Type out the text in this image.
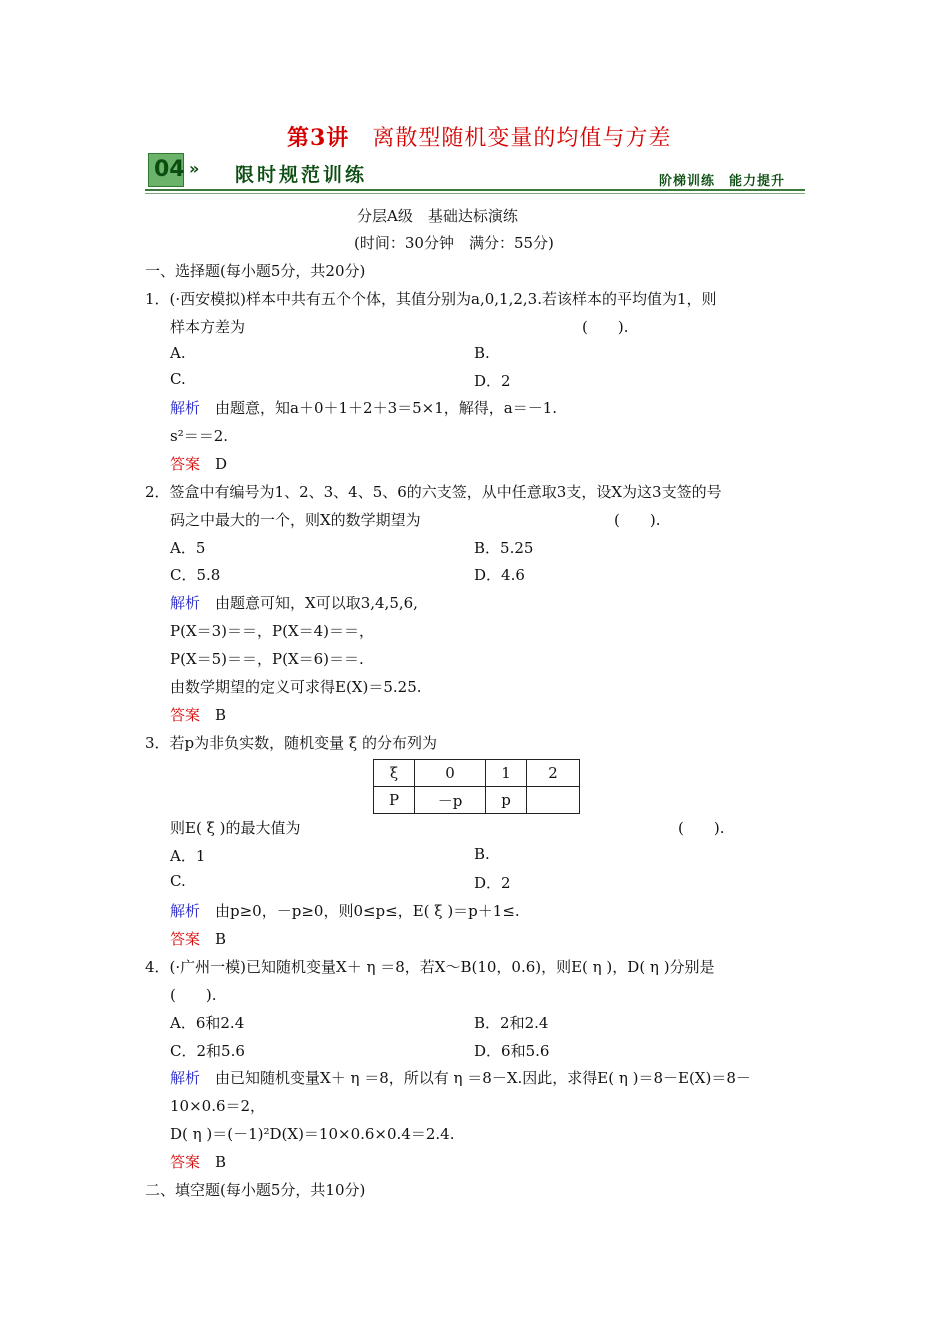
第3讲　 离散型随机变量的均值与方差
04 » 限时规范训练	阶梯训练　能力提升
分层A级　基础达标演练
(时间：30分钟　满分：55分)
一、选择题(每小题5分，共20分)
1．(·西安模拟)样本中共有五个个体，其值分别为a,0,1,2,3.若该样本的平均值为1，则
样本方差为	(　　).
A.	B.
C.	D．2
解析　由题意，知a＋0＋1＋2＋3＝5×1，解得，a＝－1.
s²＝＝2.
答案　D
2．签盒中有编号为1、2、3、4、5、6的六支签，从中任意取3支，设X为这3支签的号
码之中最大的一个，则X的数学期望为	(　　).
A．5	B．5.25
C．5.8	D．4.6
解析　由题意可知，X可以取3,4,5,6,
P(X＝3)＝＝，P(X＝4)＝＝，
P(X＝5)＝＝，P(X＝6)＝＝.
由数学期望的定义可求得E(X)＝5.25.
答案　B
3．若p为非负实数，随机变量 ξ 的分布列为
ξ	0	1	2
P	－p	p	
则E( ξ )的最大值为	(　　).
A．1	B.
C.	D．2
解析　由p≥0，－p≥0，则0≤p≤，E( ξ )＝p＋1≤.
答案　B
4．(·广州一模)已知随机变量X＋ η ＝8，若X～B(10，0.6)，则E( η )，D( η )分别是
(　　).
A．6和2.4	B．2和2.4
C．2和5.6	D．6和5.6
解析　由已知随机变量X＋ η ＝8，所以有 η ＝8－X.因此，求得E( η )＝8－E(X)＝8－
10×0.6＝2，
D( η )＝(－1)²D(X)＝10×0.6×0.4＝2.4.
答案　B
二、填空题(每小题5分，共10分)
